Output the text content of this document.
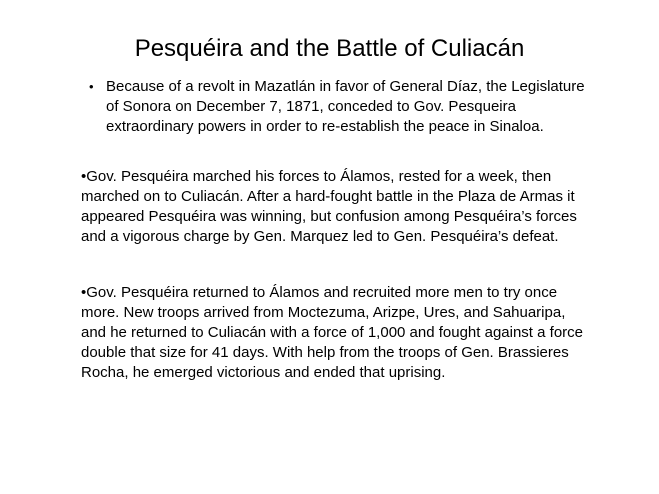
Pesquéira and the Battle of Culiacán
• Because of a revolt in Mazatlán in favor of General Díaz, the Legislature of Sonora on December 7, 1871, conceded to Gov. Pesqueira extraordinary powers in order to re-establish the peace in Sinaloa.

•Gov. Pesquéira marched his forces to Álamos, rested for a week, then marched on to Culiacán. After a hard-fought battle in the Plaza de Armas it appeared Pesquéira was winning, but confusion among Pesquéira’s forces and a vigorous charge by Gen. Marquez led to Gen. Pesquéira’s defeat.

•Gov. Pesquéira returned to Álamos and recruited more men to try once more. New troops arrived from Moctezuma, Arizpe, Ures, and Sahuaripa, and he returned to Culiacán with a force of 1,000 and fought against a force double that size for 41 days. With help from the troops of Gen. Brassieres Rocha, he emerged victorious and ended that uprising.
